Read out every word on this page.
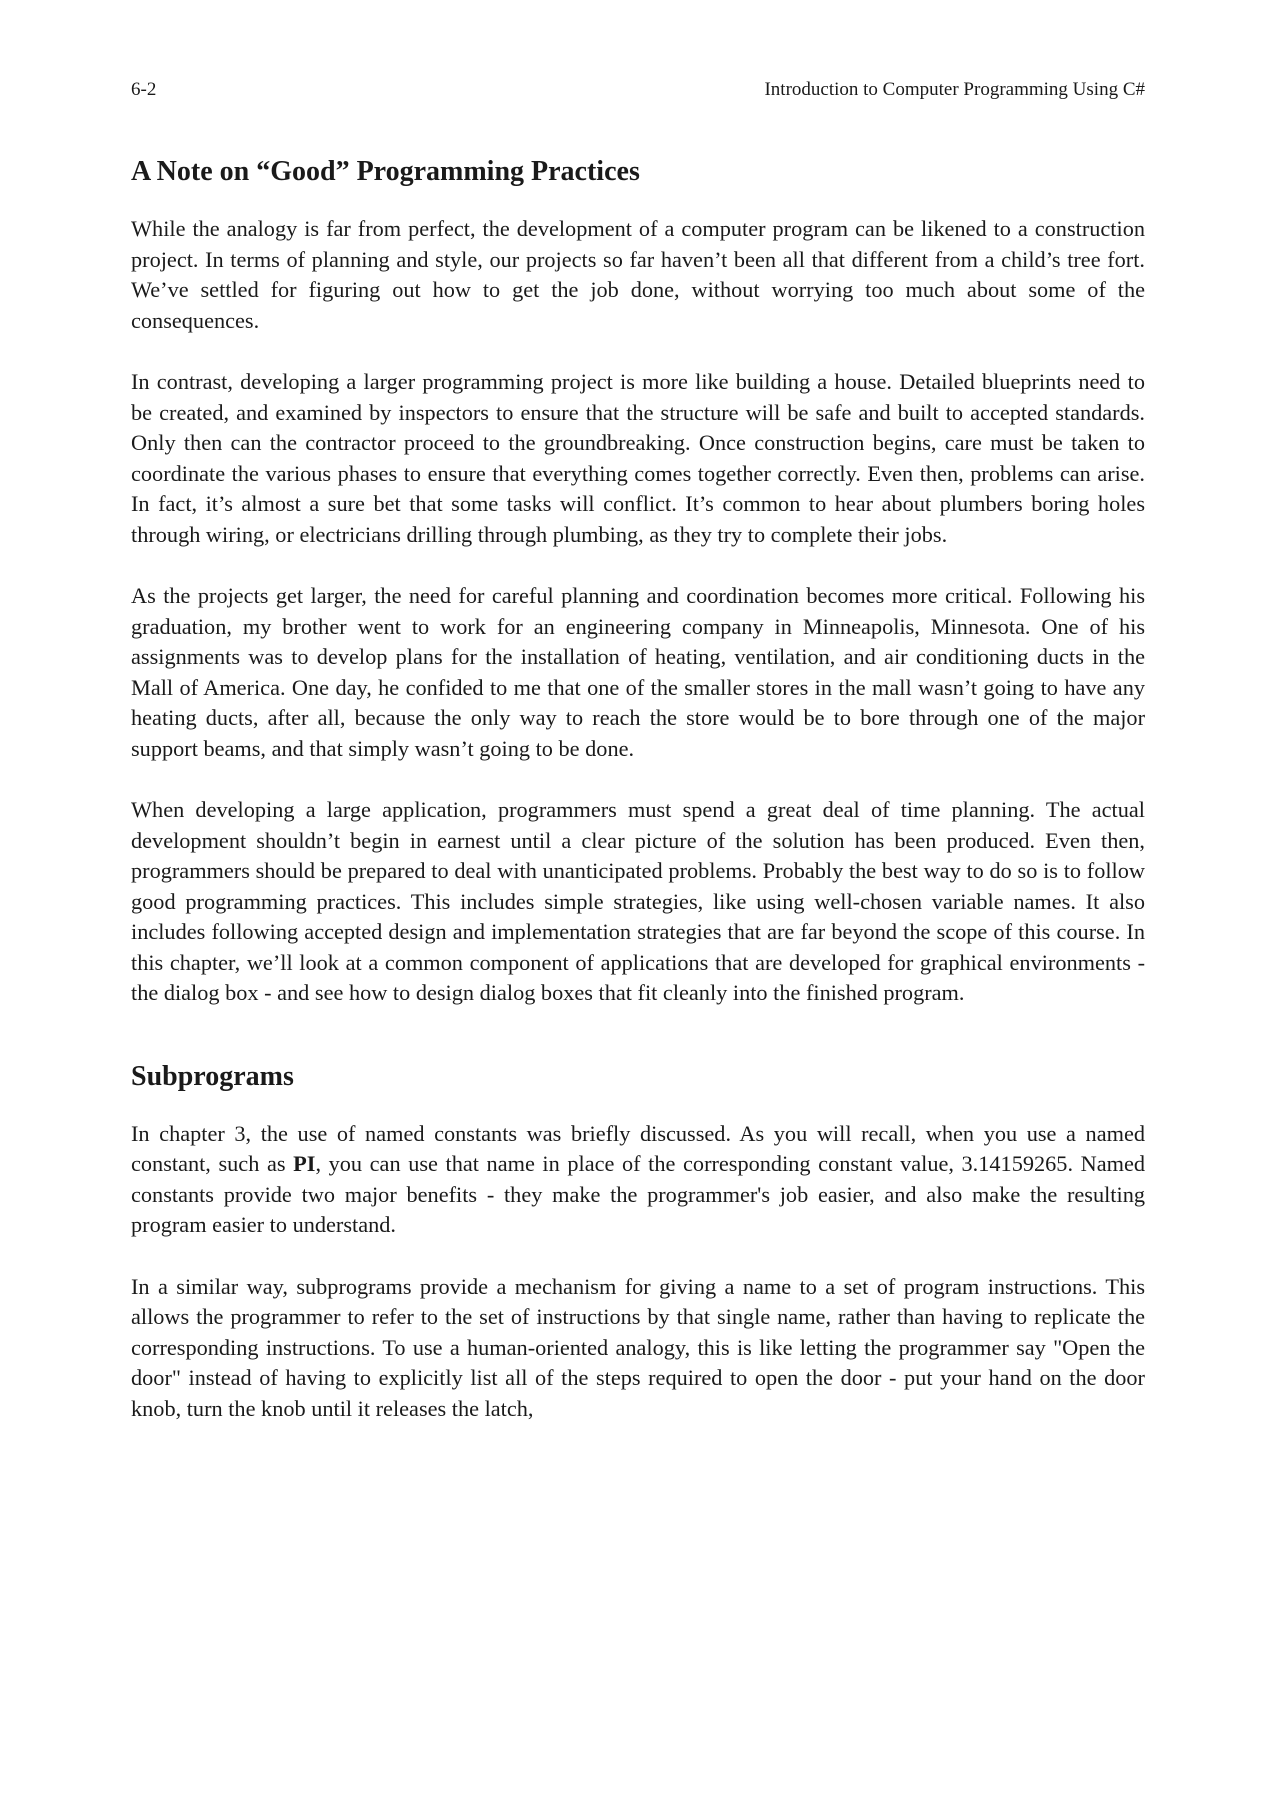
6-2	Introduction to Computer Programming Using C#
A Note on “Good” Programming Practices

While the analogy is far from perfect, the development of a computer program can be likened to a construction project. In terms of planning and style, our projects so far haven’t been all that different from a child’s tree fort. We’ve settled for figuring out how to get the job done, without worrying too much about some of the consequences.

In contrast, developing a larger programming project is more like building a house. Detailed blueprints need to be created, and examined by inspectors to ensure that the structure will be safe and built to accepted standards. Only then can the contractor proceed to the groundbreaking. Once construction begins, care must be taken to coordinate the various phases to ensure that everything comes together correctly. Even then, problems can arise. In fact, it’s almost a sure bet that some tasks will conflict. It’s common to hear about plumbers boring holes through wiring, or electricians drilling through plumbing, as they try to complete their jobs.

As the projects get larger, the need for careful planning and coordination becomes more critical. Following his graduation, my brother went to work for an engineering company in Minneapolis, Minnesota. One of his assignments was to develop plans for the installation of heating, ventilation, and air conditioning ducts in the Mall of America. One day, he confided to me that one of the smaller stores in the mall wasn’t going to have any heating ducts, after all, because the only way to reach the store would be to bore through one of the major support beams, and that simply wasn’t going to be done.

When developing a large application, programmers must spend a great deal of time planning. The actual development shouldn’t begin in earnest until a clear picture of the solution has been produced. Even then, programmers should be prepared to deal with unanticipated problems. Probably the best way to do so is to follow good programming practices. This includes simple strategies, like using well-chosen variable names. It also includes following accepted design and implementation strategies that are far beyond the scope of this course. In this chapter, we’ll look at a common component of applications that are developed for graphical environments - the dialog box - and see how to design dialog boxes that fit cleanly into the finished program.

Subprograms

In chapter 3, the use of named constants was briefly discussed. As you will recall, when you use a named constant, such as PI, you can use that name in place of the corresponding constant value, 3.14159265. Named constants provide two major benefits - they make the programmer's job easier, and also make the resulting program easier to understand.

In a similar way, subprograms provide a mechanism for giving a name to a set of program instructions. This allows the programmer to refer to the set of instructions by that single name, rather than having to replicate the corresponding instructions. To use a human-oriented analogy, this is like letting the programmer say "Open the door" instead of having to explicitly list all of the steps required to open the door - put your hand on the door knob, turn the knob until it releases the latch,
